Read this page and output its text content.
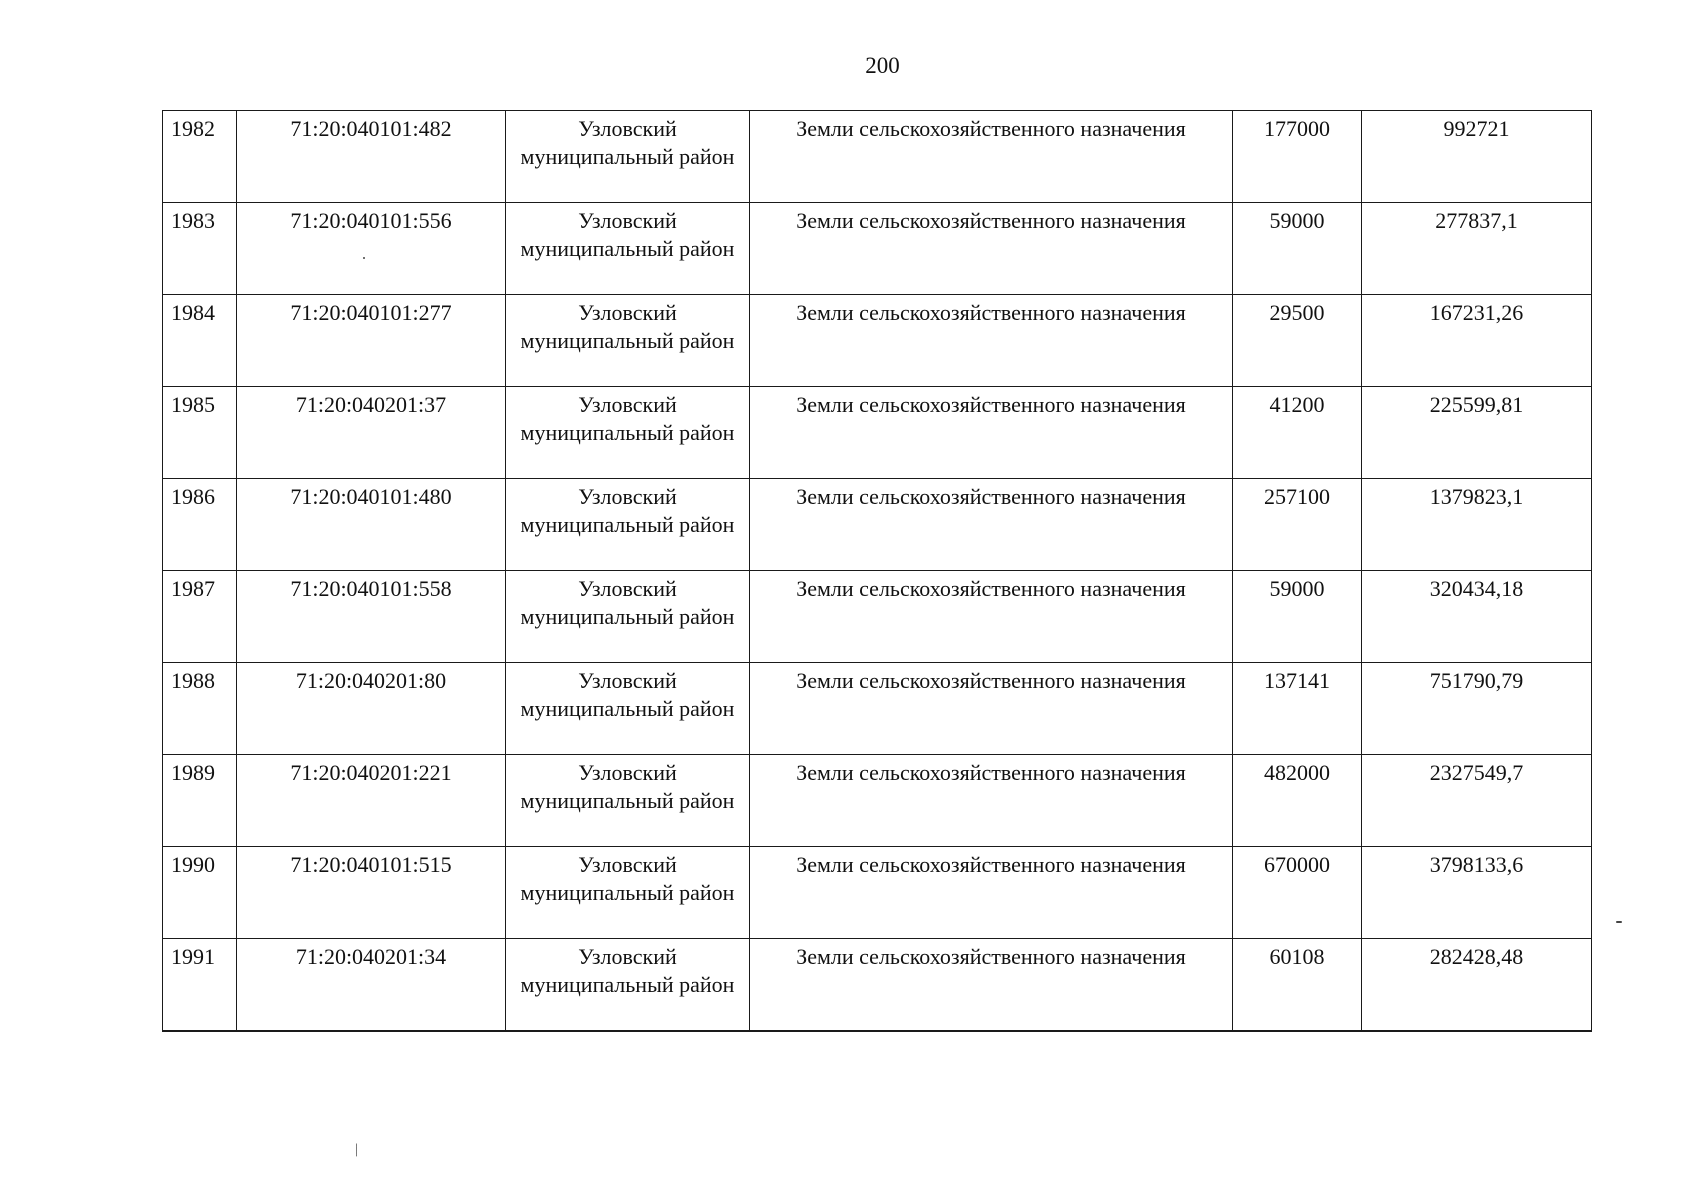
200
1982	71:20:040101:482	Узловский муниципальный район	Земли сельскохозяйственного назначения	177000	992721
1983	71:20:040101:556	Узловский муниципальный район	Земли сельскохозяйственного назначения	59000	277837,1
1984	71:20:040101:277	Узловский муниципальный район	Земли сельскохозяйственного назначения	29500	167231,26
1985	71:20:040201:37	Узловский муниципальный район	Земли сельскохозяйственного назначения	41200	225599,81
1986	71:20:040101:480	Узловский муниципальный район	Земли сельскохозяйственного назначения	257100	1379823,1
1987	71:20:040101:558	Узловский муниципальный район	Земли сельскохозяйственного назначения	59000	320434,18
1988	71:20:040201:80	Узловский муниципальный район	Земли сельскохозяйственного назначения	137141	751790,79
1989	71:20:040201:221	Узловский муниципальный район	Земли сельскохозяйственного назначения	482000	2327549,7
1990	71:20:040101:515	Узловский муниципальный район	Земли сельскохозяйственного назначения	670000	3798133,6
1991	71:20:040201:34	Узловский муниципальный район	Земли сельскохозяйственного назначения	60108	282428,48
⁄
